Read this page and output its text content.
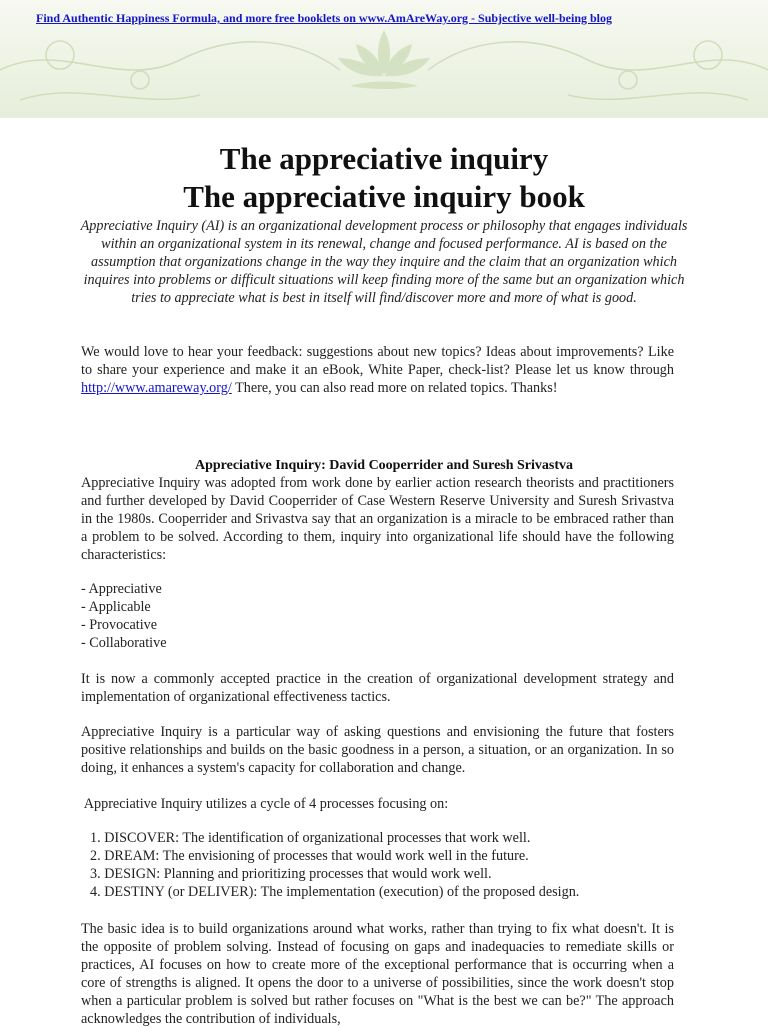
Find Authentic Happiness Formula, and more free booklets on www.AmAreWay.org - Subjective well-being blog
The appreciative inquiry
The appreciative inquiry book
Appreciative Inquiry (AI) is an organizational development process or philosophy that engages individuals within an organizational system in its renewal, change and focused performance. AI is based on the assumption that organizations change in the way they inquire and the claim that an organization which inquires into problems or difficult situations will keep finding more of the same but an organization which tries to appreciate what is best in itself will find/discover more and more of what is good.
We would love to hear your feedback: suggestions about new topics? Ideas about improvements? Like to share your experience and make it an eBook, White Paper, check-list? Please let us know through http://www.amareway.org/ There, you can also read more on related topics. Thanks!
Appreciative Inquiry: David Cooperrider and Suresh Srivastva
Appreciative Inquiry was adopted from work done by earlier action research theorists and practitioners and further developed by David Cooperrider of Case Western Reserve University and Suresh Srivastva in the 1980s. Cooperrider and Srivastva say that an organization is a miracle to be embraced rather than a problem to be solved. According to them, inquiry into organizational life should have the following characteristics:
- Appreciative
- Applicable
- Provocative
- Collaborative
It is now a commonly accepted practice in the creation of organizational development strategy and implementation of organizational effectiveness tactics.
Appreciative Inquiry is a particular way of asking questions and envisioning the future that fosters positive relationships and builds on the basic goodness in a person, a situation, or an organization. In so doing, it enhances a system's capacity for collaboration and change.
Appreciative Inquiry utilizes a cycle of 4 processes focusing on:
1. DISCOVER: The identification of organizational processes that work well.
2. DREAM: The envisioning of processes that would work well in the future.
3. DESIGN: Planning and prioritizing processes that would work well.
4. DESTINY (or DELIVER): The implementation (execution) of the proposed design.
The basic idea is to build organizations around what works, rather than trying to fix what doesn't. It is the opposite of problem solving. Instead of focusing on gaps and inadequacies to remediate skills or practices, AI focuses on how to create more of the exceptional performance that is occurring when a core of strengths is aligned. It opens the door to a universe of possibilities, since the work doesn't stop when a particular problem is solved but rather focuses on "What is the best we can be?" The approach acknowledges the contribution of individuals,
